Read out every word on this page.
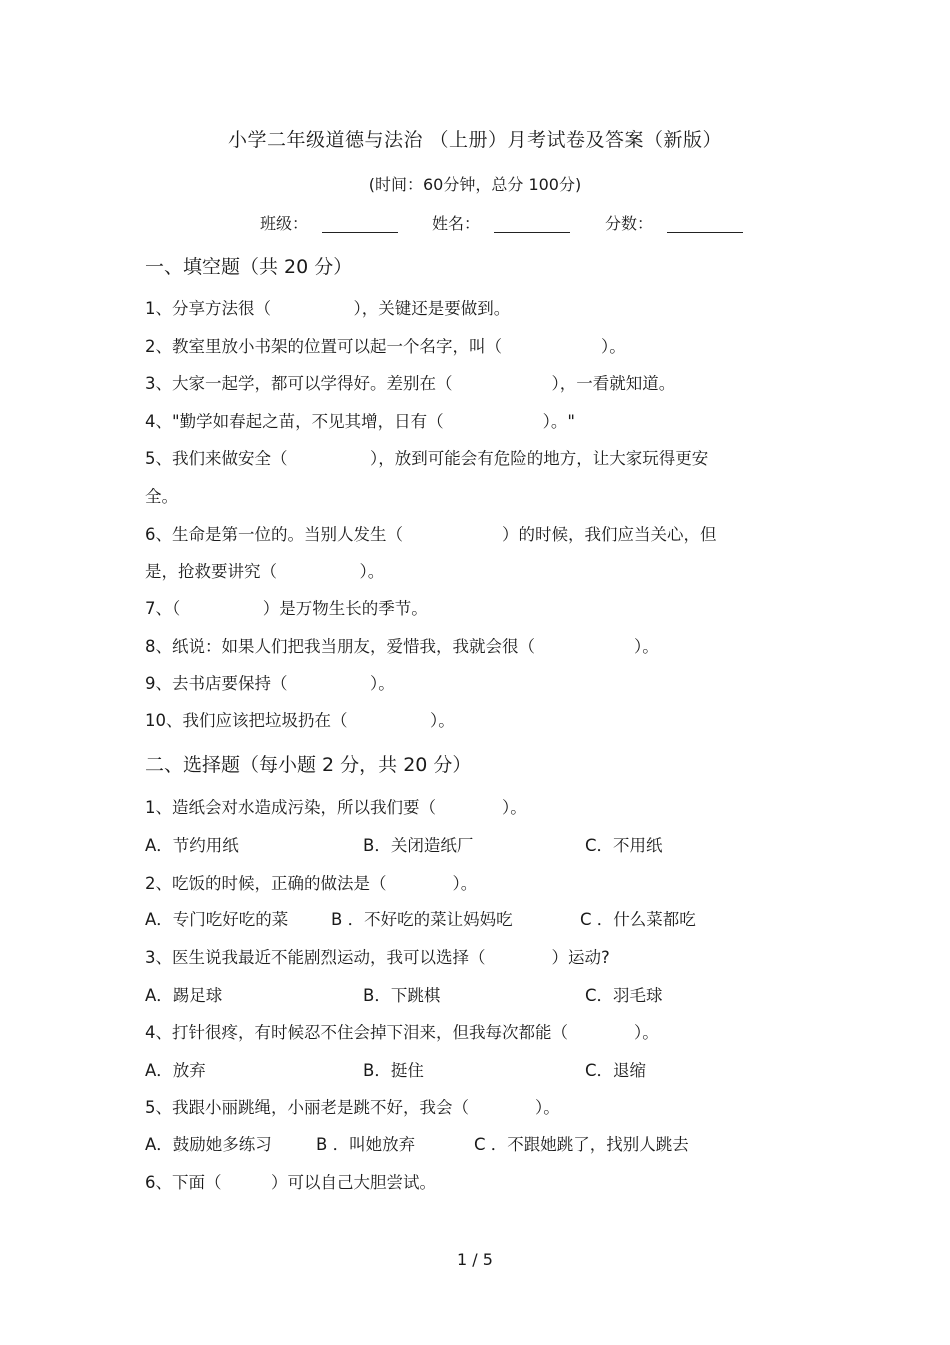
小学二年级道德与法治 （上册）月考试卷及答案（新版）
(时间：60分钟，总分 100分)
班级：	姓名：	分数：
一、填空题（共 20 分）
1、分享方法很（　　　　　），关键还是要做到。
2、教室里放小书架的位置可以起一个名字，叫（　　　　　　）。
3、大家一起学，都可以学得好。差别在（　　　　　　），一看就知道。
4、"勤学如春起之苗，不见其增，日有（　　　　　　）。"
5、我们来做安全（　　　　　），放到可能会有危险的地方，让大家玩得更安
全。
6、生命是第一位的。当别人发生（　　　　　　）的时候，我们应当关心，但
是，抢救要讲究（　　　　　）。
7、（　　　　　）是万物生长的季节。
8、纸说：如果人们把我当朋友，爱惜我，我就会很（　　　　　　）。
9、去书店要保持（　　　　　）。
10、我们应该把垃圾扔在（　　　　　）。
二、选择题（每小题 2 分，共 20 分）
1、造纸会对水造成污染，所以我们要（　　　　）。
A．节约用纸	B．关闭造纸厂	C．不用纸
2、吃饭的时候，正确的做法是（　　　　）。
A．专门吃好吃的菜	B ．不好吃的菜让妈妈吃	C ．什么菜都吃
3、医生说我最近不能剧烈运动，我可以选择（　　　　）运动?
A．踢足球	B．下跳棋	C．羽毛球
4、打针很疼，有时候忍不住会掉下泪来，但我每次都能（　　　　）。
A．放弃	B．挺住	C．退缩
5、我跟小丽跳绳，小丽老是跳不好，我会（　　　　）。
A．鼓励她多练习	B ．叫她放弃	C ．不跟她跳了，找别人跳去
6、下面（　　　）可以自己大胆尝试。
1 / 5
